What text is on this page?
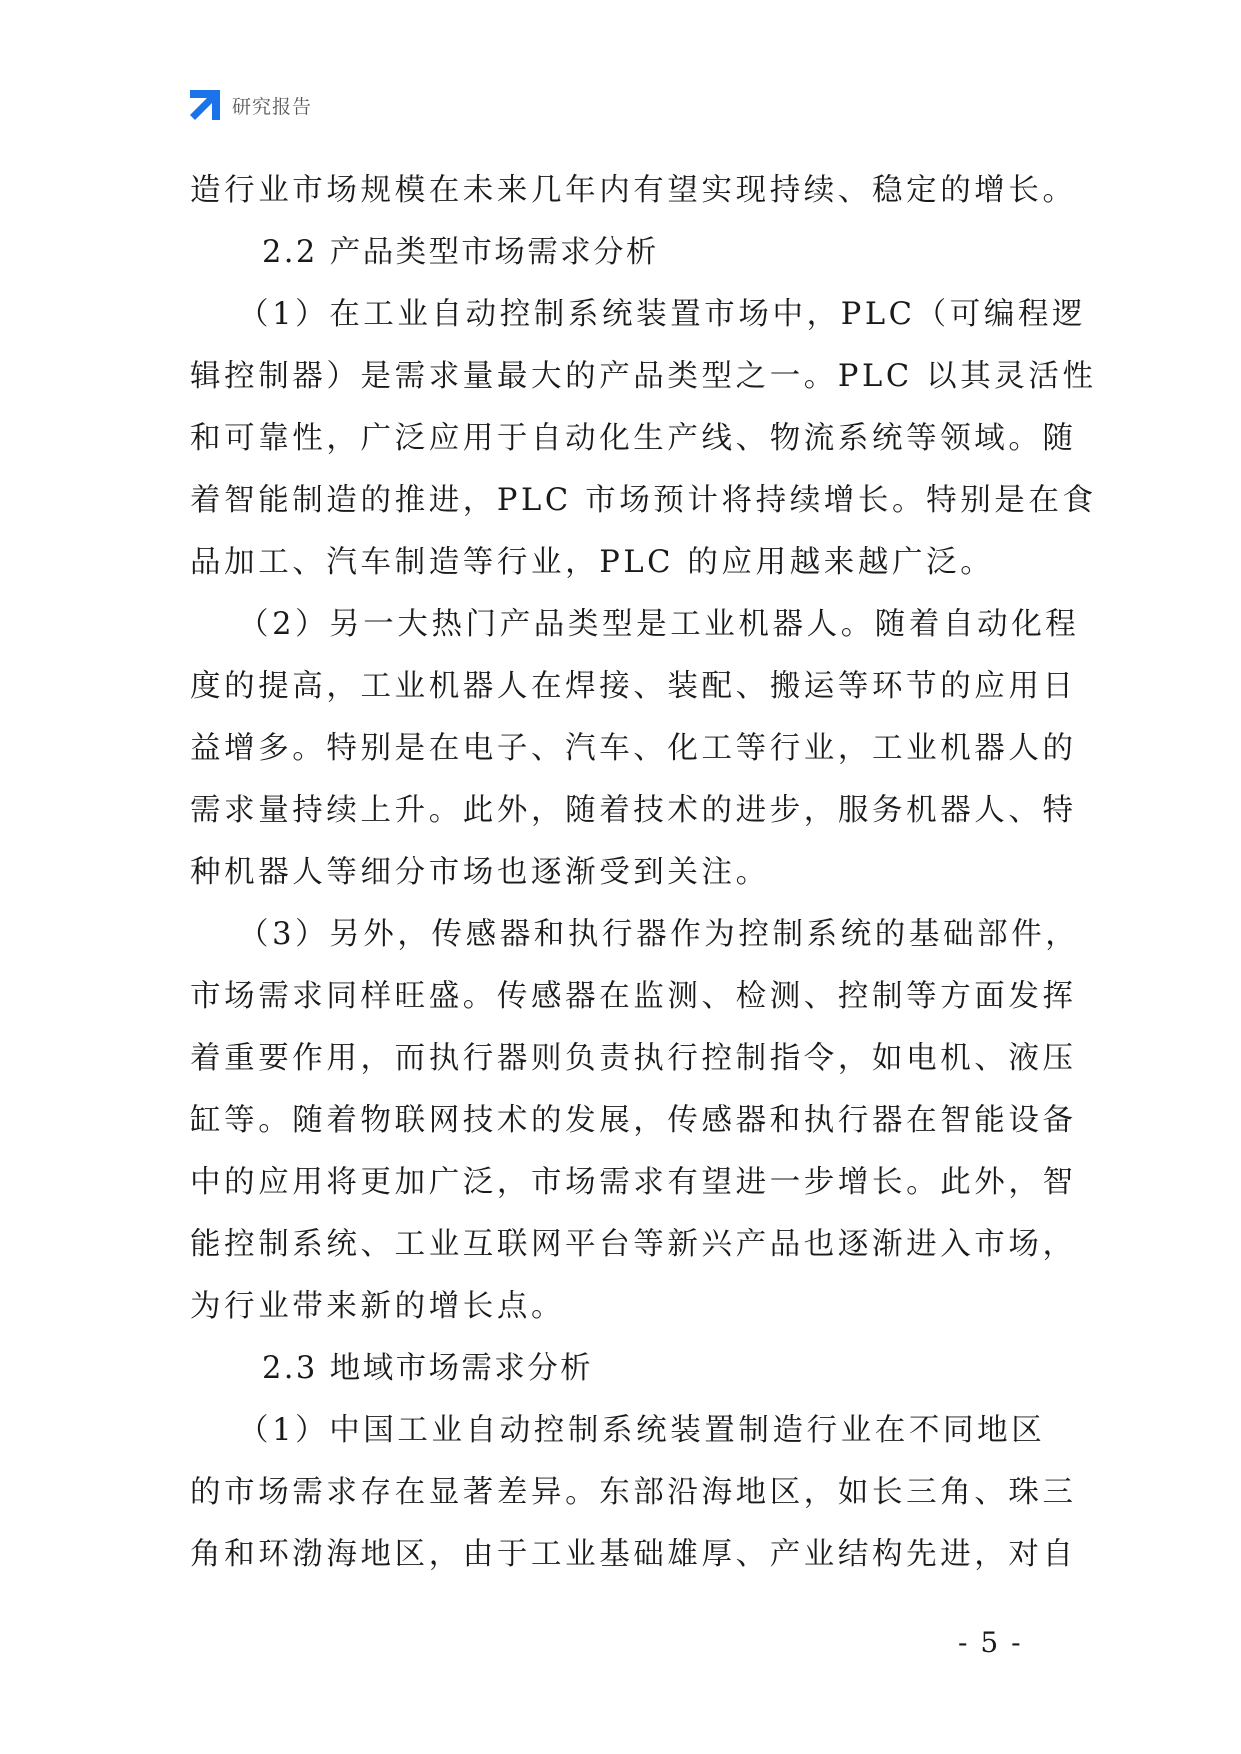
研究报告
造行业市场规模在未来几年内有望实现持续、稳定的增长。
2.2 产品类型市场需求分析
（1）在工业自动控制系统装置市场中，PLC（可编程逻
辑控制器）是需求量最大的产品类型之一。PLC 以其灵活性
和可靠性，广泛应用于自动化生产线、物流系统等领域。随
着智能制造的推进，PLC 市场预计将持续增长。特别是在食
品加工、汽车制造等行业，PLC 的应用越来越广泛。
（2）另一大热门产品类型是工业机器人。随着自动化程
度的提高，工业机器人在焊接、装配、搬运等环节的应用日
益增多。特别是在电子、汽车、化工等行业，工业机器人的
需求量持续上升。此外，随着技术的进步，服务机器人、特
种机器人等细分市场也逐渐受到关注。
（3）另外，传感器和执行器作为控制系统的基础部件，
市场需求同样旺盛。传感器在监测、检测、控制等方面发挥
着重要作用，而执行器则负责执行控制指令，如电机、液压
缸等。随着物联网技术的发展，传感器和执行器在智能设备
中的应用将更加广泛，市场需求有望进一步增长。此外，智
能控制系统、工业互联网平台等新兴产品也逐渐进入市场，
为行业带来新的增长点。
2.3 地域市场需求分析
（1）中国工业自动控制系统装置制造行业在不同地区
的市场需求存在显著差异。东部沿海地区，如长三角、珠三
角和环渤海地区，由于工业基础雄厚、产业结构先进，对自
- 5 -
